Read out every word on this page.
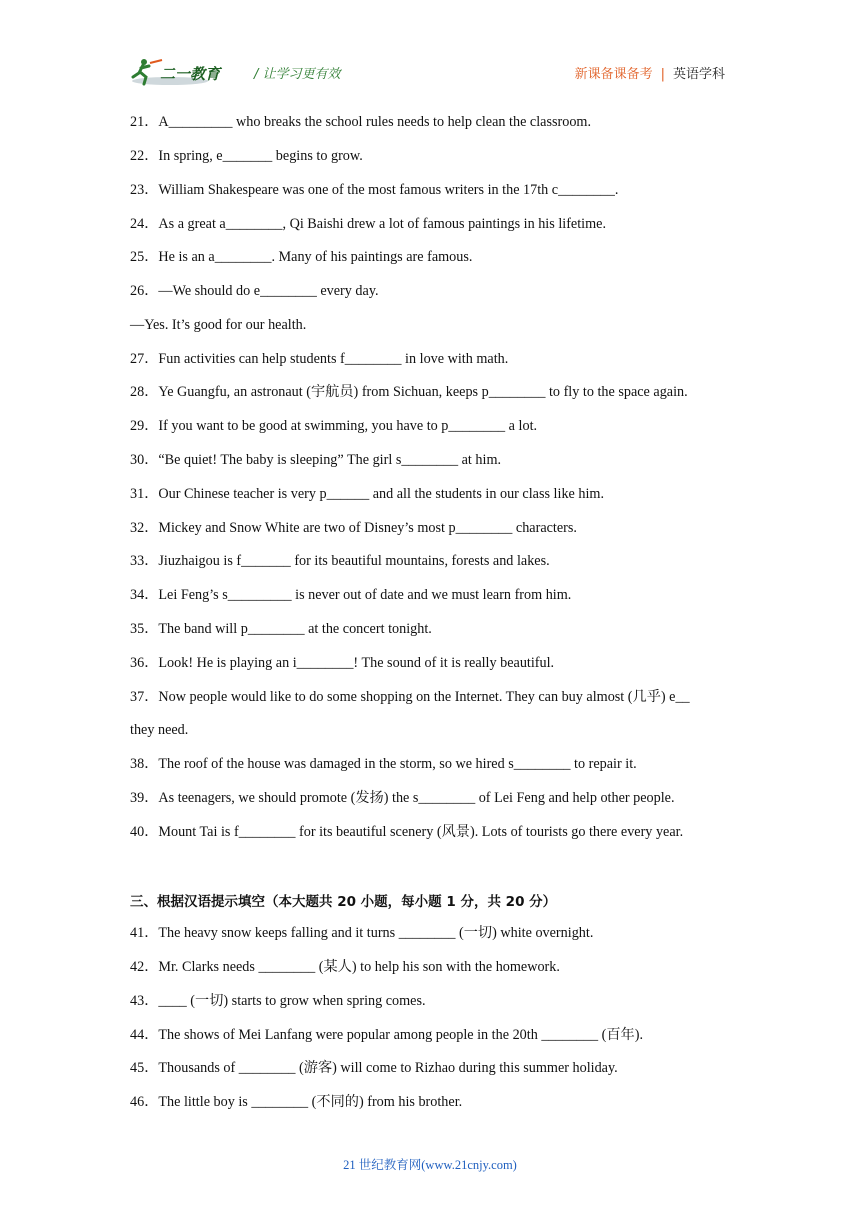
二一教育	/ 让学习更有效	新课备课备考 | 英语学科
21．A_________ who breaks the school rules needs to help clean the classroom.
22．In spring, e_______ begins to grow.
23．William Shakespeare was one of the most famous writers in the 17th c________.
24．As a great a________, Qi Baishi drew a lot of famous paintings in his lifetime.
25．He is an a________. Many of his paintings are famous.
26．—We should do e________ every day.
—Yes. It’s good for our health.
27．Fun activities can help students f________ in love with math.
28．Ye Guangfu, an astronaut (宇航员) from Sichuan, keeps p________ to fly to the space again.
29．If you want to be good at swimming, you have to p________ a lot.
30．“Be quiet! The baby is sleeping” The girl s________ at him.
31．Our Chinese teacher is very p______ and all the students in our class like him.
32．Mickey and Snow White are two of Disney’s most p________ characters.
33．Jiuzhaigou is f_______ for its beautiful mountains, forests and lakes.
34．Lei Feng’s s_________ is never out of date and we must learn from him.
35．The band will p________ at the concert tonight.
36．Look! He is playing an i________! The sound of it is really beautiful.
37．Now people would like to do some shopping on the Internet. They can buy almost (几乎) e__
they need.
38．The roof of the house was damaged in the storm, so we hired s________ to repair it.
39．As teenagers, we should promote (发扬) the s________ of Lei Feng and help other people.
40．Mount Tai is f________ for its beautiful scenery (风景). Lots of tourists go there every year.
三、根据汉语提示填空（本大题共 20 小题，每小题 1 分，共 20 分）
41．The heavy snow keeps falling and it turns ________ (一切) white overnight.
42．Mr. Clarks needs ________ (某人) to help his son with the homework.
43．____ (一切) starts to grow when spring comes.
44．The shows of Mei Lanfang were popular among people in the 20th ________ (百年).
45．Thousands of ________ (游客) will come to Rizhao during this summer holiday.
46．The little boy is ________ (不同的) from his brother.
21 世纪教育网(www.21cnjy.com)
